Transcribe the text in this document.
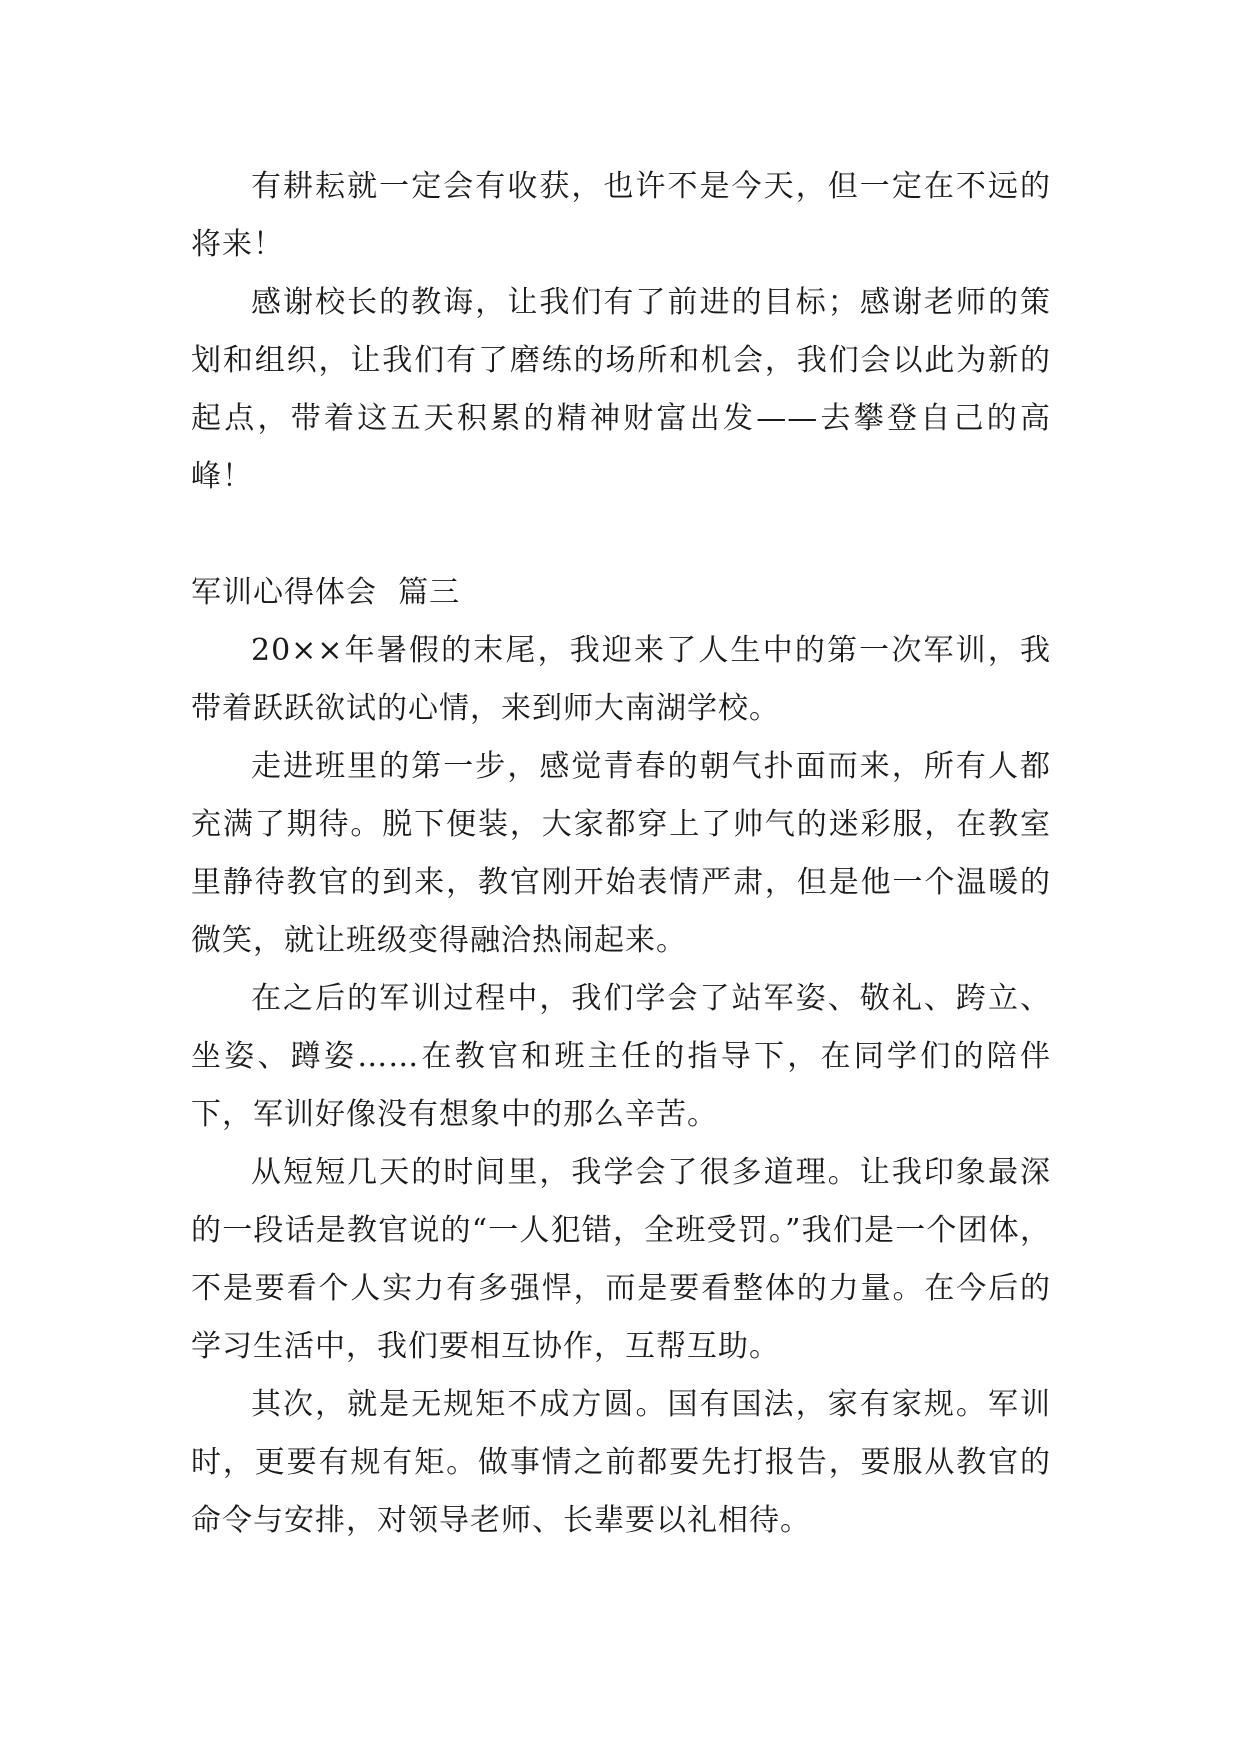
有耕耘就一定会有收获，也许不是今天，但一定在不远的将来！

感谢校长的教诲，让我们有了前进的目标；感谢老师的策划和组织，让我们有了磨练的场所和机会，我们会以此为新的起点，带着这五天积累的精神财富出发——去攀登自己的高峰！

军训心得体会  篇三

20××年暑假的末尾，我迎来了人生中的第一次军训，我带着跃跃欲试的心情，来到师大南湖学校。

走进班里的第一步，感觉青春的朝气扑面而来，所有人都充满了期待。脱下便装，大家都穿上了帅气的迷彩服，在教室里静待教官的到来，教官刚开始表情严肃，但是他一个温暖的微笑，就让班级变得融洽热闹起来。

在之后的军训过程中，我们学会了站军姿、敬礼、跨立、坐姿、蹲姿……在教官和班主任的指导下，在同学们的陪伴下，军训好像没有想象中的那么辛苦。

从短短几天的时间里，我学会了很多道理。让我印象最深的一段话是教官说的“一人犯错，全班受罚。”我们是一个团体，不是要看个人实力有多强悍，而是要看整体的力量。在今后的学习生活中，我们要相互协作，互帮互助。

其次，就是无规矩不成方圆。国有国法，家有家规。军训时，更要有规有矩。做事情之前都要先打报告，要服从教官的命令与安排，对领导老师、长辈要以礼相待。
